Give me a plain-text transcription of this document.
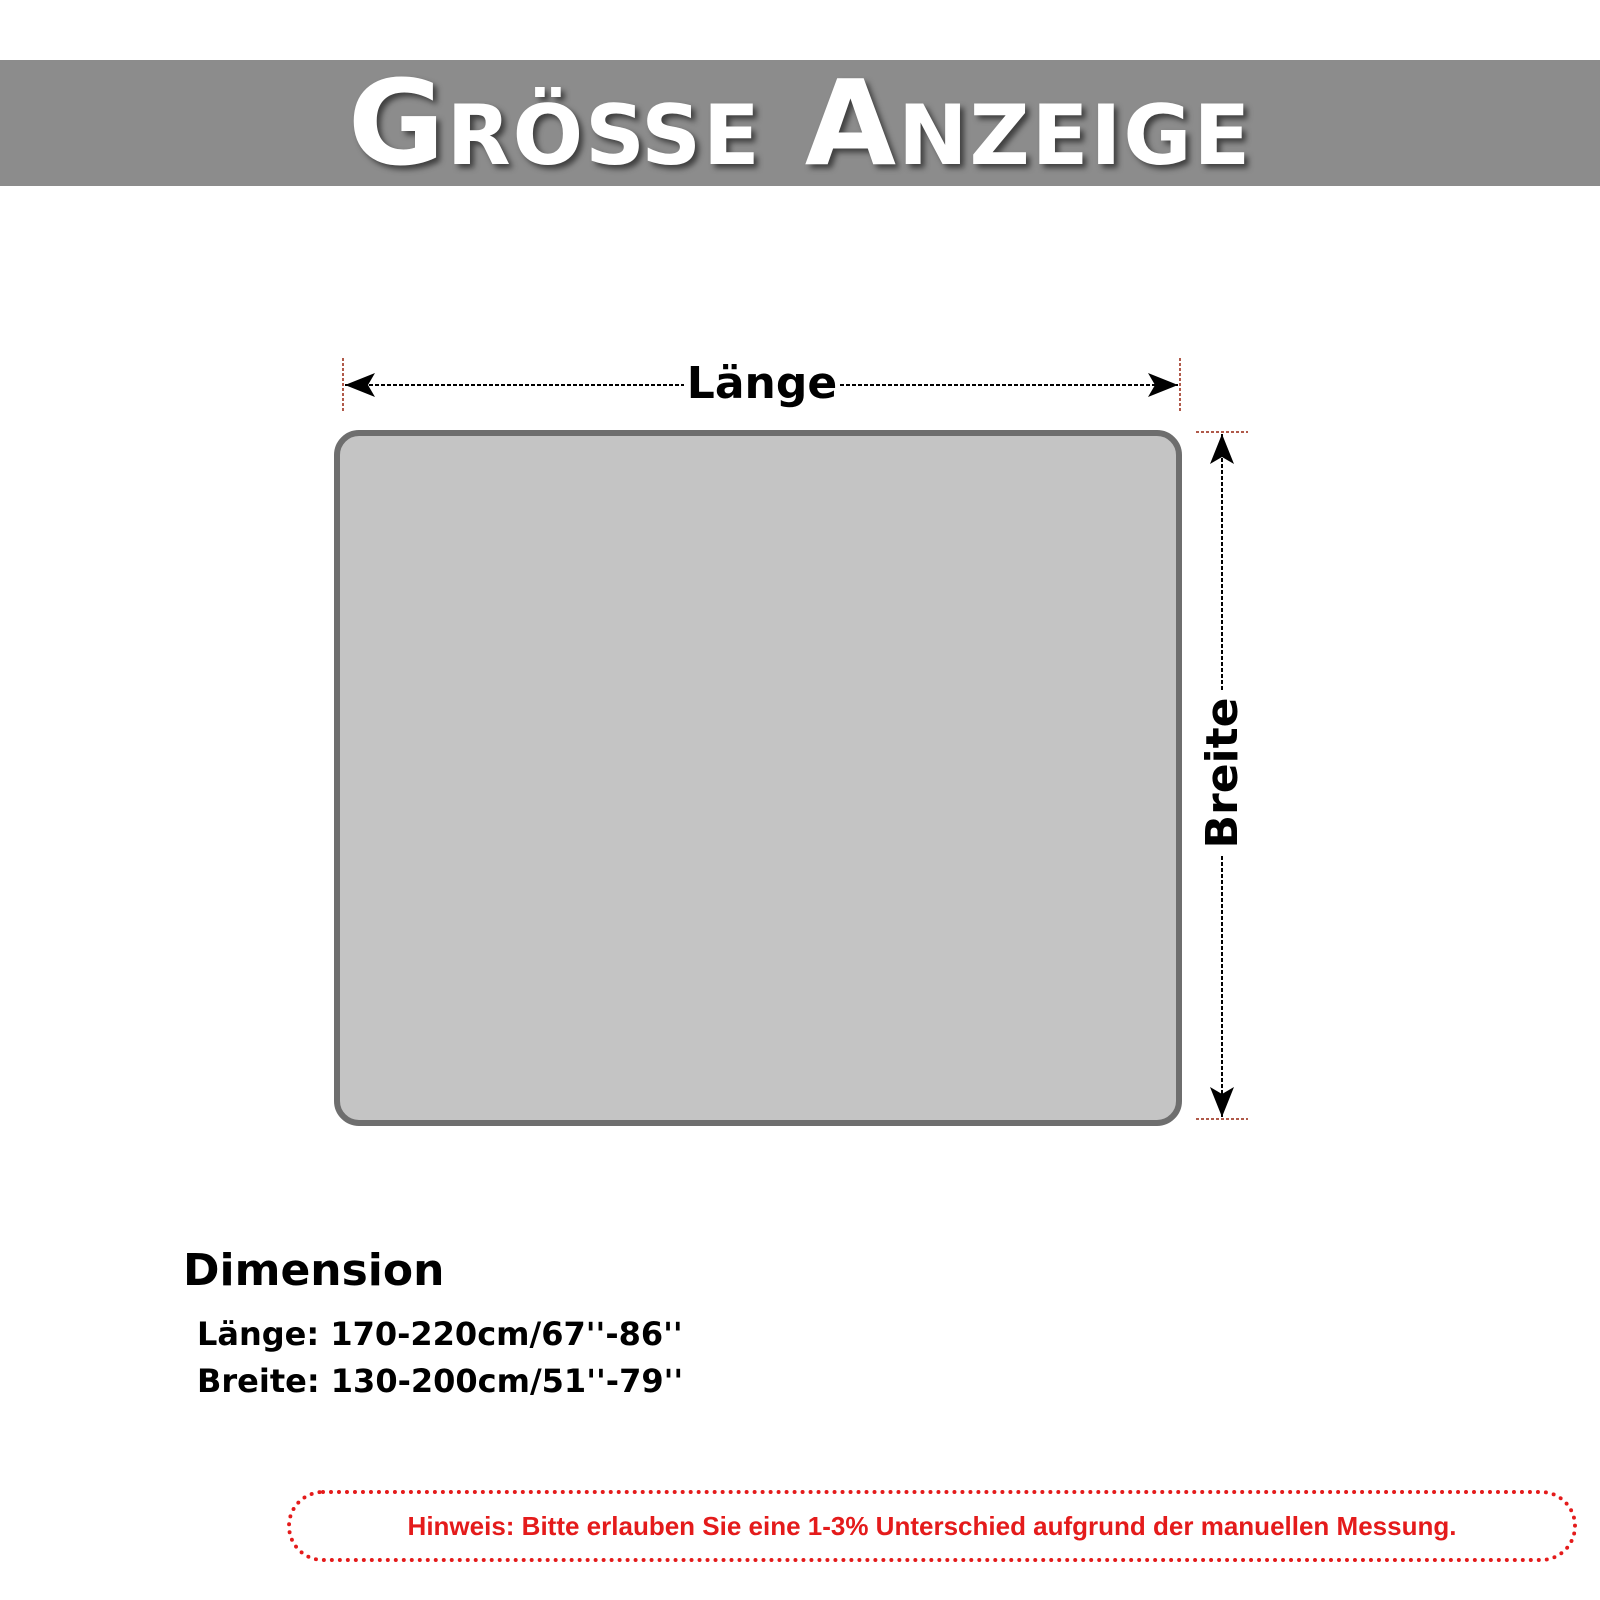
Größe Anzeige
Länge
Breite
Dimension
Länge: 170-220cm/67''-86''
Breite: 130-200cm/51''-79''
Hinweis: Bitte erlauben Sie eine 1-3% Unterschied aufgrund der manuellen Messung.
